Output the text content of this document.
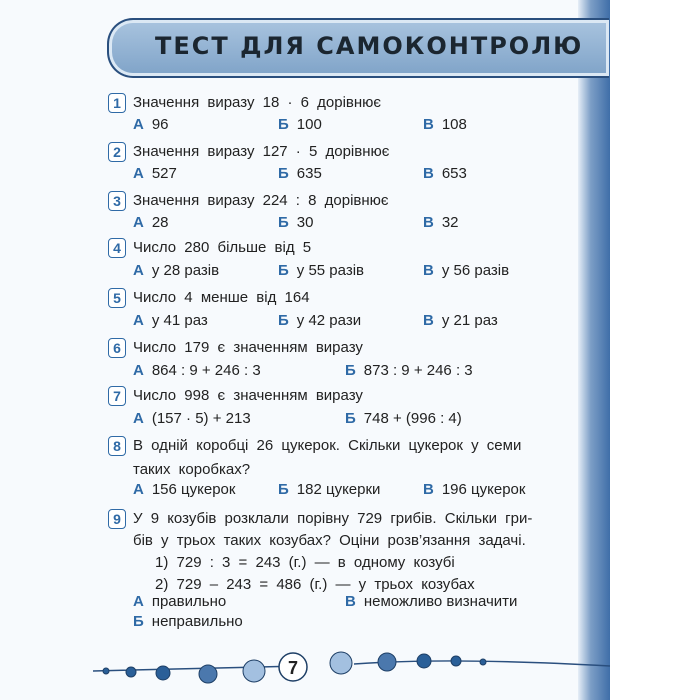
ТЕСТ ДЛЯ САМОКОНТРОЛЮ
1 Значення виразу 18 · 6 дорівнює
А 96	Б 100	В 108
2 Значення виразу 127 · 5 дорівнює
А 527	Б 635	В 653
3 Значення виразу 224 : 8 дорівнює
А 28	Б 30	В 32
4 Число 280 більше від 5
А у 28 разів	Б у 55 разів	В у 56 разів
5 Число 4 менше від 164
А у 41 раз	Б у 42 рази	В у 21 раз
6 Число 179 є значенням виразу
А 864 : 9 + 246 : 3	Б 873 : 9 + 246 : 3
7 Число 998 є значенням виразу
А (157 · 5) + 213	Б 748 + (996 : 4)
8 В одній коробці 26 цукерок. Скільки цукерок у семи
таких коробках?
А 156 цукерок	Б 182 цукерки	В 196 цукерок
9 У 9 козубів розклали порівну 729 грибів. Скільки гри-
бів у трьох таких козубах? Оціни розв’язання задачі.
1) 729 : 3 = 243 (г.) — в одному козубі
2) 729 – 243 = 486 (г.) — у трьох козубах
А правильно	В неможливо визначити
Б неправильно
7
